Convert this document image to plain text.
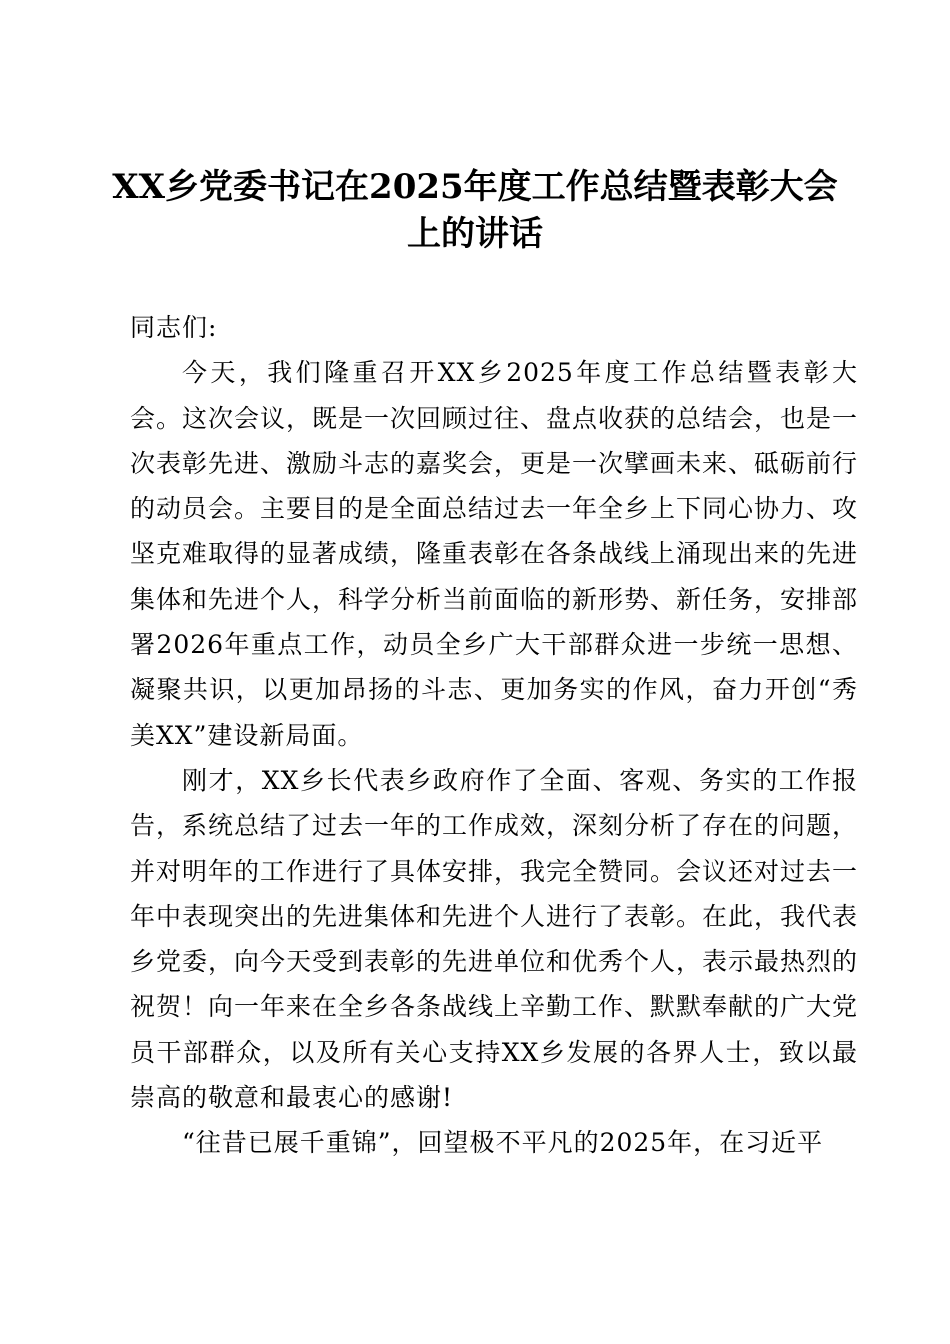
XX乡党委书记在2025年度工作总结暨表彰大会上的讲话

同志们:

今天，我们隆重召开XX乡2025年度工作总结暨表彰大会。这次会议，既是一次回顾过往、盘点收获的总结会，也是一次表彰先进、激励斗志的嘉奖会，更是一次擘画未来、砥砺前行的动员会。主要目的是全面总结过去一年全乡上下同心协力、攻坚克难取得的显著成绩，隆重表彰在各条战线上涌现出来的先进集体和先进个人，科学分析当前面临的新形势、新任务，安排部署2026年重点工作，动员全乡广大干部群众进一步统一思想、凝聚共识，以更加昂扬的斗志、更加务实的作风，奋力开创“秀美XX”建设新局面。

刚才，XX乡长代表乡政府作了全面、客观、务实的工作报告，系统总结了过去一年的工作成效，深刻分析了存在的问题，并对明年的工作进行了具体安排，我完全赞同。会议还对过去一年中表现突出的先进集体和先进个人进行了表彰。在此，我代表乡党委，向今天受到表彰的先进单位和优秀个人，表示最热烈的祝贺！向一年来在全乡各条战线上辛勤工作、默默奉献的广大党员干部群众，以及所有关心支持XX乡发展的各界人士，致以最崇高的敬意和最衷心的感谢!

“往昔已展千重锦”，回望极不平凡的2025年，在习近平
